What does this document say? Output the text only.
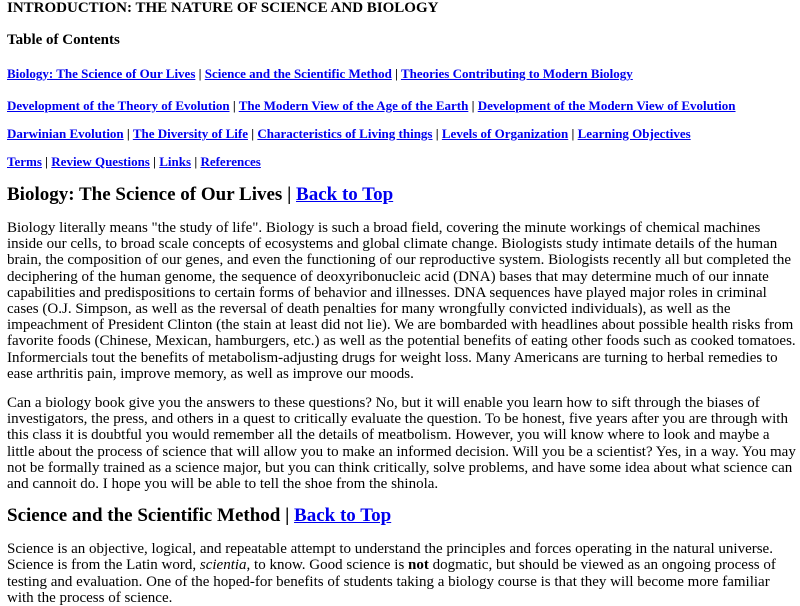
INTRODUCTION: THE NATURE OF SCIENCE AND BIOLOGY
Table of Contents

Biology: The Science of Our Lives | Science and the Scientific Method | Theories Contributing to Modern Biology

Development of the Theory of Evolution | The Modern View of the Age of the Earth | Development of the Modern View of Evolution

Darwinian Evolution | The Diversity of Life | Characteristics of Living things | Levels of Organization | Learning Objectives

Terms | Review Questions | Links | References

Biology: The Science of Our Lives | Back to Top

Biology literally means "the study of life". Biology is such a broad field, covering the minute workings of chemical machines inside our cells, to broad scale concepts of ecosystems and global climate change. Biologists study intimate details of the human brain, the composition of our genes, and even the functioning of our reproductive system. Biologists recently all but completed the deciphering of the human genome, the sequence of deoxyribonucleic acid (DNA) bases that may determine much of our innate capabilities and predispositions to certain forms of behavior and illnesses. DNA sequences have played major roles in criminal cases (O.J. Simpson, as well as the reversal of death penalties for many wrongfully convicted individuals), as well as the impeachment of President Clinton (the stain at least did not lie). We are bombarded with headlines about possible health risks from favorite foods (Chinese, Mexican, hamburgers, etc.) as well as the potential benefits of eating other foods such as cooked tomatoes. Informercials tout the benefits of metabolism-adjusting drugs for weight loss. Many Americans are turning to herbal remedies to ease arthritis pain, improve memory, as well as improve our moods.

Can a biology book give you the answers to these questions? No, but it will enable you learn how to sift through the biases of investigators, the press, and others in a quest to critically evaluate the question. To be honest, five years after you are through with this class it is doubtful you would remember all the details of meatbolism. However, you will know where to look and maybe a little about the process of science that will allow you to make an informed decision. Will you be a scientist? Yes, in a way. You may not be formally trained as a science major, but you can think critically, solve problems, and have some idea about what science can and cannoit do. I hope you will be able to tell the shoe from the shinola.

Science and the Scientific Method | Back to Top

Science is an objective, logical, and repeatable attempt to understand the principles and forces operating in the natural universe. Science is from the Latin word, scientia, to know. Good science is not dogmatic, but should be viewed as an ongoing process of testing and evaluation. One of the hoped-for benefits of students taking a biology course is that they will become more familiar with the process of science.
